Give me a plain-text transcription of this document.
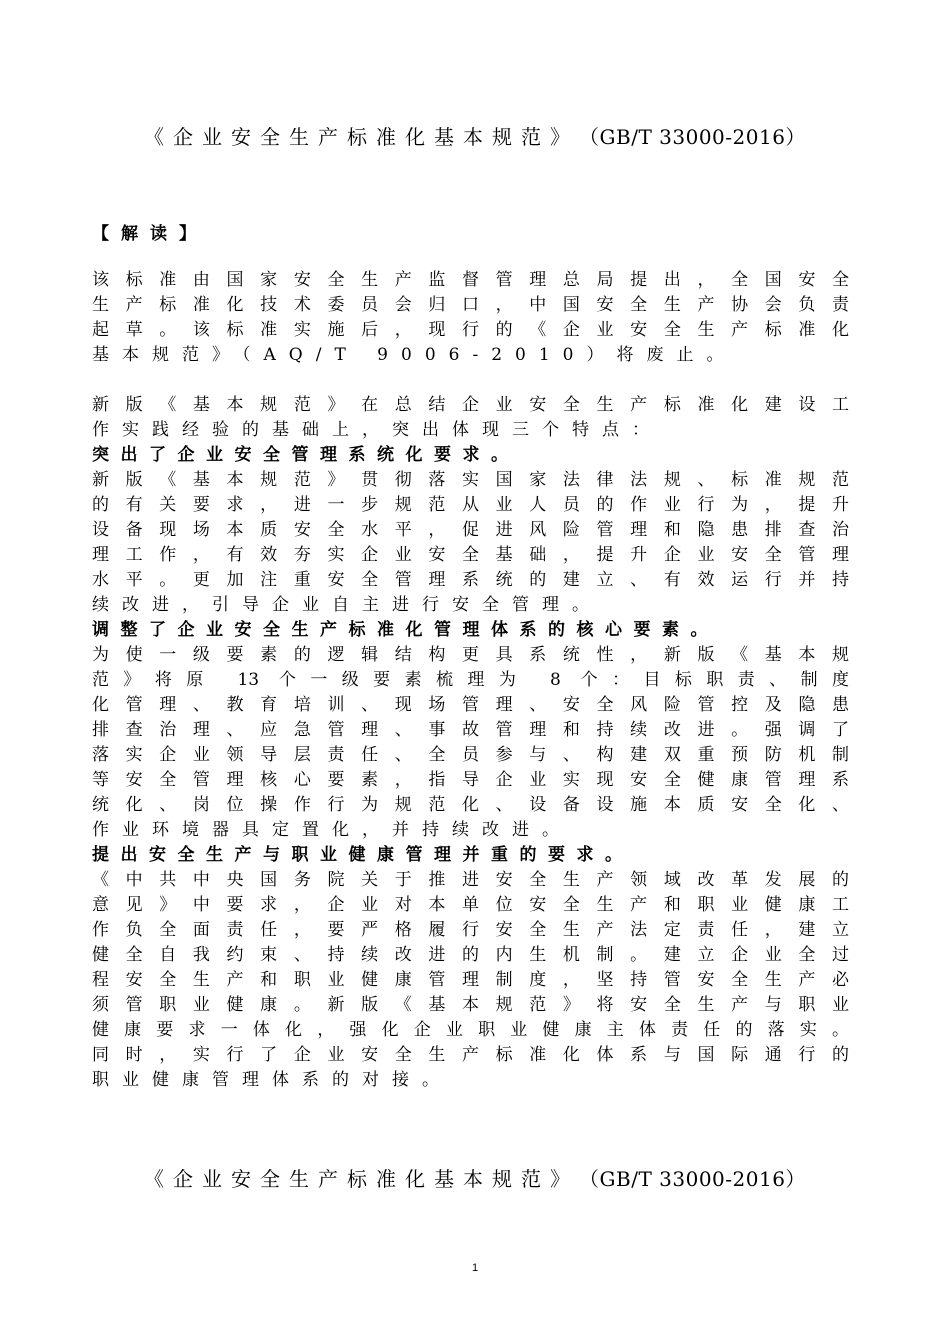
《企业安全生产标准化基本规范》 （GB/T 33000-2016）
【解读】
该标准由国家安全生产监督管理总局提出，全国安全
生产标准化技术委员会归口，中国安全生产协会负责
起草。该标准实施后，现行的《企业安全生产标准化
基本规范》（AQ/T 9006-2010）将废止。
新版《基本规范》在总结企业安全生产标准化建设工
作实践经验的基础上，突出体现三个特点：
突出了企业安全管理系统化要求。
新版《基本规范》贯彻落实国家法律法规、标准规范
的有关要求，进一步规范从业人员的作业行为，提升
设备现场本质安全水平，促进风险管理和隐患排查治
理工作，有效夯实企业安全基础，提升企业安全管理
水平。更加注重安全管理系统的建立、有效运行并持
续改进，引导企业自主进行安全管理。
调整了企业安全生产标准化管理体系的核心要素。
为使一级要素的逻辑结构更具系统性，新版《基本规
范》将原 13 个一级要素梳理为 8 个：目标职责、制度
化管理、教育培训、现场管理、安全风险管控及隐患
排查治理、应急管理、事故管理和持续改进。强调了
落实企业领导层责任、全员参与、构建双重预防机制
等安全管理核心要素，指导企业实现安全健康管理系
统化、岗位操作行为规范化、设备设施本质安全化、
作业环境器具定置化，并持续改进。
提出安全生产与职业健康管理并重的要求。
《中共中央国务院关于推进安全生产领域改革发展的
意见》中要求，企业对本单位安全生产和职业健康工
作负全面责任，要严格履行安全生产法定责任，建立
健全自我约束、持续改进的内生机制。建立企业全过
程安全生产和职业健康管理制度，坚持管安全生产必
须管职业健康。新版《基本规范》将安全生产与职业
健康要求一体化，强化企业职业健康主体责任的落实。
同时，实行了企业安全生产标准化体系与国际通行的
职业健康管理体系的对接。
《企业安全生产标准化基本规范》 （GB/T 33000-2016）
1
